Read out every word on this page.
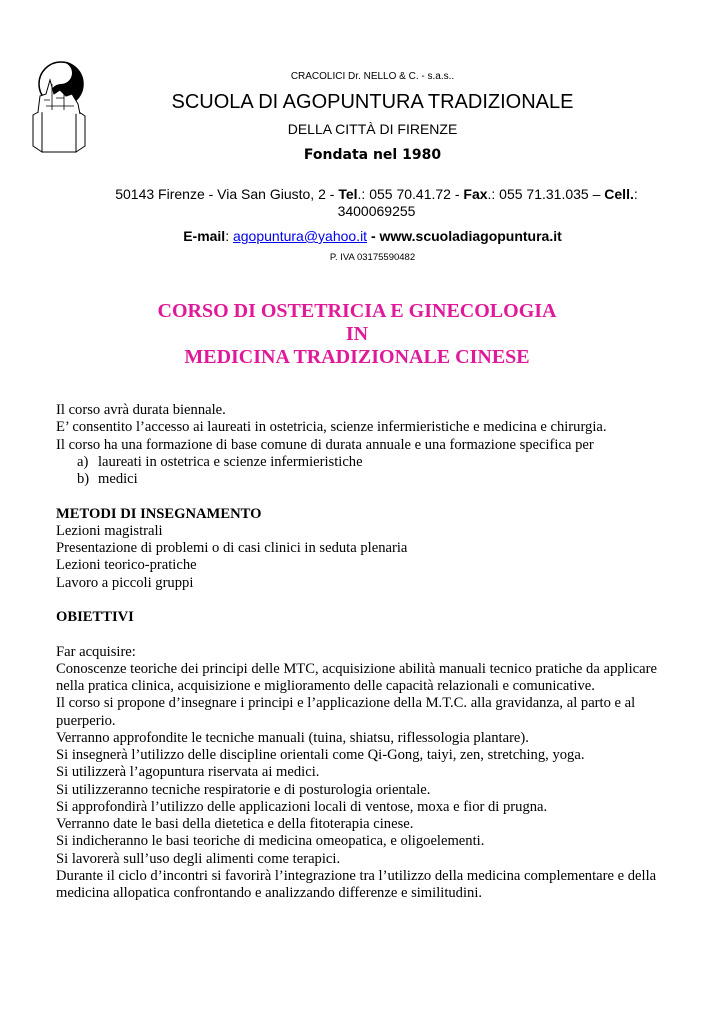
CRACOLICI Dr. NELLO & C. - s.a.s..
SCUOLA DI AGOPUNTURA TRADIZIONALE
DELLA CITTÀ DI FIRENZE
Fondata nel 1980
50143 Firenze - Via San Giusto, 2 - Tel.: 055 70.41.72 - Fax.: 055 71.31.035 – Cell.: 3400069255
E-mail: agopuntura@yahoo.it - www.scuoladiagopuntura.it
P. IVA 03175590482
CORSO DI OSTETRICIA E GINECOLOGIA
IN
MEDICINA TRADIZIONALE CINESE

Il corso avrà durata biennale.

E’ consentito l’accesso ai laureati in ostetricia, scienze infermieristiche e medicina e chirurgia.

Il corso ha una formazione di base comune di durata annuale e una formazione specifica per

a) laureati in ostetrica e scienze infermieristiche

b) medici

METODI DI INSEGNAMENTO

Lezioni magistrali

Presentazione di problemi o di casi clinici in seduta plenaria

Lezioni teorico-pratiche

Lavoro a piccoli gruppi

OBIETTIVI

Far acquisire:

Conoscenze teoriche dei principi delle MTC, acquisizione abilità manuali tecnico pratiche da applicare nella pratica clinica, acquisizione e miglioramento delle capacità relazionali e comunicative.

Il corso si propone d’insegnare i principi e l’applicazione della M.T.C. alla gravidanza, al parto e al puerperio.

Verranno approfondite le tecniche manuali (tuina, shiatsu, riflessologia plantare).

Si insegnerà l’utilizzo delle discipline orientali come Qi-Gong, taiyi, zen, stretching, yoga.

Si utilizzerà l’agopuntura riservata ai medici.

Si utilizzeranno tecniche respiratorie e di posturologia orientale.

Si approfondirà l’utilizzo delle applicazioni locali di ventose, moxa e fior di prugna.

Verranno date le basi della dietetica e della fitoterapia cinese.

Si indicheranno le basi teoriche di medicina omeopatica, e oligoelementi.

Si lavorerà sull’uso degli alimenti come terapici.

Durante il ciclo d’incontri si favorirà l’integrazione tra l’utilizzo della medicina complementare e della medicina allopatica confrontando e analizzando differenze e similitudini.
